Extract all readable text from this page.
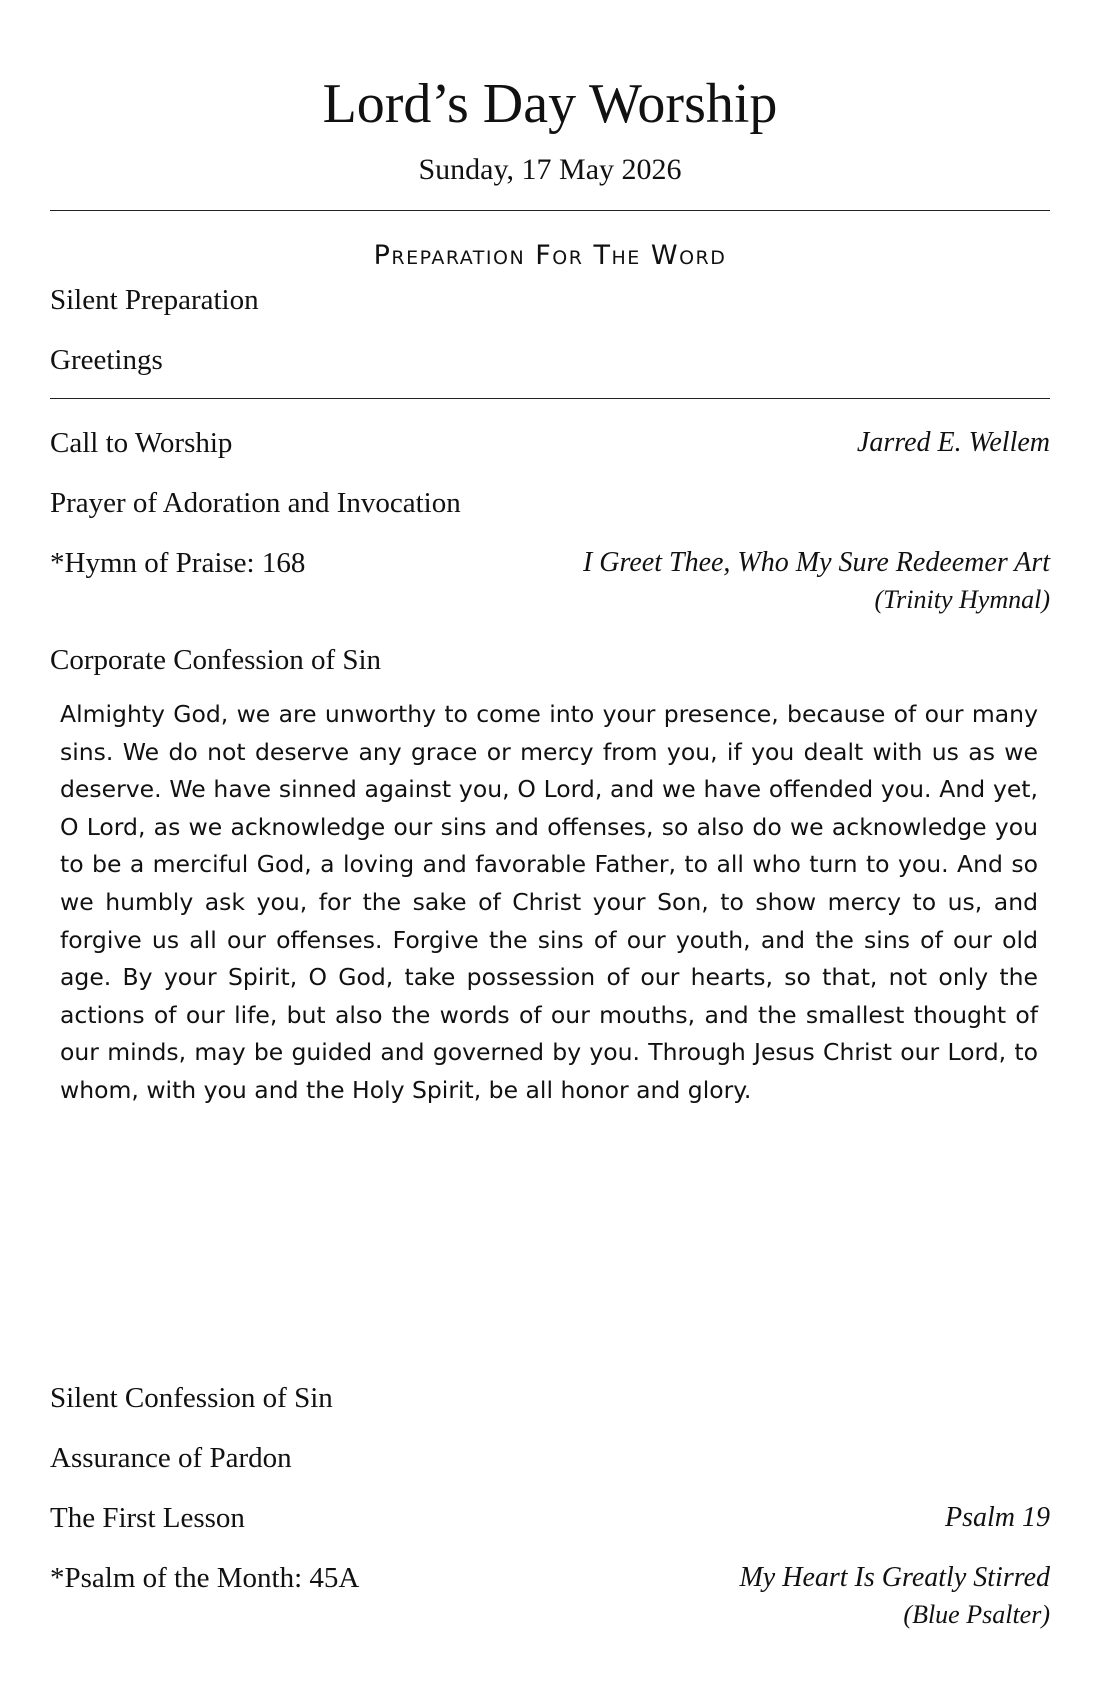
Lord’s Day Worship
Sunday, 17 May 2026
Preparation For The Word
Silent Preparation
Greetings
Call to Worship	Jarred E. Wellem
Prayer of Adoration and Invocation
*Hymn of Praise: 168	I Greet Thee, Who My Sure Redeemer Art
(Trinity Hymnal)
Corporate Confession of Sin
Almighty God, we are unworthy to come into your presence, because of our many sins. We do not deserve any grace or mercy from you, if you dealt with us as we deserve. We have sinned against you, O Lord, and we have offended you. And yet, O Lord, as we acknowledge our sins and offenses, so also do we acknowledge you to be a merciful God, a loving and favorable Father, to all who turn to you. And so we humbly ask you, for the sake of Christ your Son, to show mercy to us, and forgive us all our offenses. Forgive the sins of our youth, and the sins of our old age. By your Spirit, O God, take possession of our hearts, so that, not only the actions of our life, but also the words of our mouths, and the smallest thought of our minds, may be guided and governed by you. Through Jesus Christ our Lord, to whom, with you and the Holy Spirit, be all honor and glory.
Silent Confession of Sin
Assurance of Pardon
The First Lesson	Psalm 19
*Psalm of the Month: 45A	My Heart Is Greatly Stirred
(Blue Psalter)
